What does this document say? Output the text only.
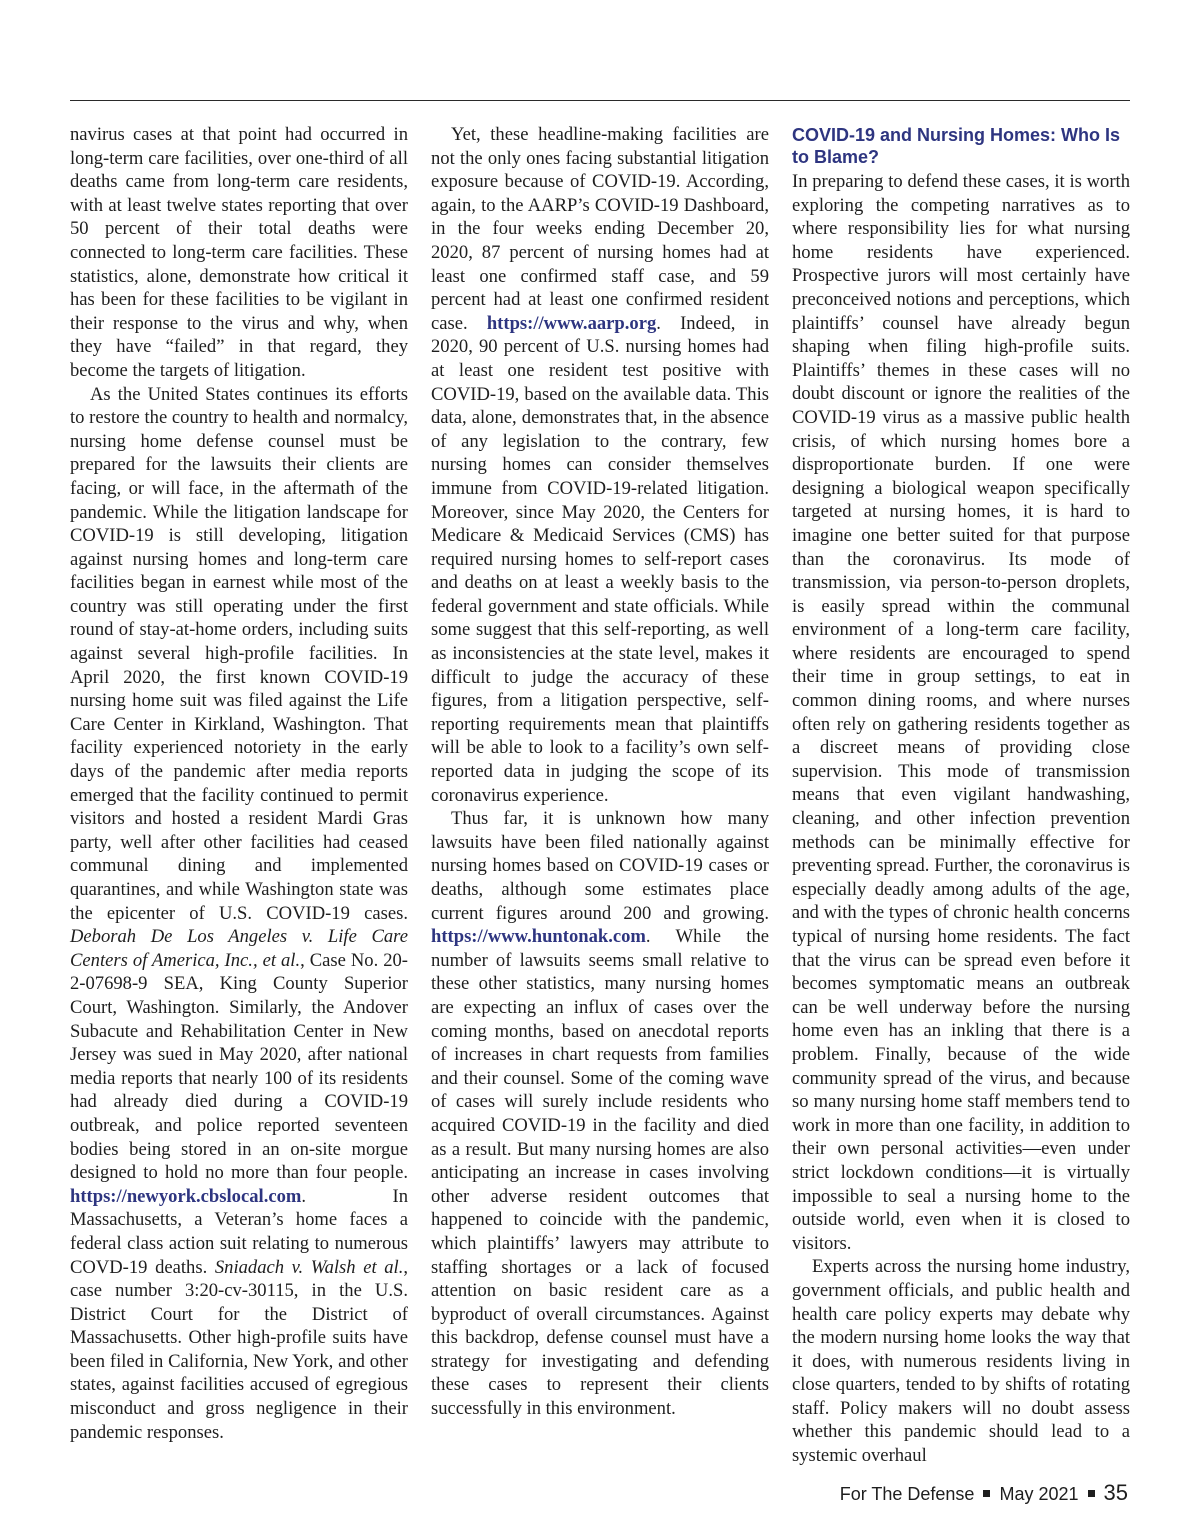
navirus cases at that point had occurred in long-term care facilities, over one-third of all deaths came from long-term care residents, with at least twelve states reporting that over 50 percent of their total deaths were connected to long-term care facilities. These statistics, alone, demonstrate how critical it has been for these facilities to be vigilant in their response to the virus and why, when they have “failed” in that regard, they become the targets of litigation.

As the United States continues its efforts to restore the country to health and normalcy, nursing home defense counsel must be prepared for the lawsuits their clients are facing, or will face, in the aftermath of the pandemic. While the litigation landscape for COVID-19 is still developing, litigation against nursing homes and long-term care facilities began in earnest while most of the country was still operating under the first round of stay-at-home orders, including suits against several high-profile facilities. In April 2020, the first known COVID-19 nursing home suit was filed against the Life Care Center in Kirkland, Washington. That facility experienced notoriety in the early days of the pandemic after media reports emerged that the facility continued to permit visitors and hosted a resident Mardi Gras party, well after other facilities had ceased communal dining and implemented quarantines, and while Washington state was the epicenter of U.S. COVID-19 cases. Deborah De Los Angeles v. Life Care Centers of America, Inc., et al., Case No. 20-2-07698-9 SEA, King County Superior Court, Washington. Similarly, the Andover Subacute and Rehabilitation Center in New Jersey was sued in May 2020, after national media reports that nearly 100 of its residents had already died during a COVID-19 outbreak, and police reported seventeen bodies being stored in an on-site morgue designed to hold no more than four people. https://newyork.cbslocal.com. In Massachusetts, a Veteran’s home faces a federal class action suit relating to numerous COVD-19 deaths. Sniadach v. Walsh et al., case number 3:20-cv-30115, in the U.S. District Court for the District of Massachusetts. Other high-profile suits have been filed in California, New York, and other states, against facilities accused of egregious misconduct and gross negligence in their pandemic responses.

Yet, these headline-making facilities are not the only ones facing substantial litigation exposure because of COVID-19. According, again, to the AARP’s COVID-19 Dashboard, in the four weeks ending December 20, 2020, 87 percent of nursing homes had at least one confirmed staff case, and 59 percent had at least one confirmed resident case. https://www.aarp.org. Indeed, in 2020, 90 percent of U.S. nursing homes had at least one resident test positive with COVID-19, based on the available data. This data, alone, demonstrates that, in the absence of any legislation to the contrary, few nursing homes can consider themselves immune from COVID-19-related litigation. Moreover, since May 2020, the Centers for Medicare & Medicaid Services (CMS) has required nursing homes to self-report cases and deaths on at least a weekly basis to the federal government and state officials. While some suggest that this self-reporting, as well as inconsistencies at the state level, makes it difficult to judge the accuracy of these figures, from a litigation perspective, self-reporting requirements mean that plaintiffs will be able to look to a facility’s own self-reported data in judging the scope of its coronavirus experience.

Thus far, it is unknown how many lawsuits have been filed nationally against nursing homes based on COVID-19 cases or deaths, although some estimates place current figures around 200 and growing. https://www.huntonak.com. While the number of lawsuits seems small relative to these other statistics, many nursing homes are expecting an influx of cases over the coming months, based on anecdotal reports of increases in chart requests from families and their counsel. Some of the coming wave of cases will surely include residents who acquired COVID-19 in the facility and died as a result. But many nursing homes are also anticipating an increase in cases involving other adverse resident outcomes that happened to coincide with the pandemic, which plaintiffs’ lawyers may attribute to staffing shortages or a lack of focused attention on basic resident care as a byproduct of overall circumstances. Against this backdrop, defense counsel must have a strategy for investigating and defending these cases to represent their clients successfully in this environment.

COVID-19 and Nursing Homes: Who Is to Blame?

In preparing to defend these cases, it is worth exploring the competing narratives as to where responsibility lies for what nursing home residents have experienced. Prospective jurors will most certainly have preconceived notions and perceptions, which plaintiffs’ counsel have already begun shaping when filing high-profile suits. Plaintiffs’ themes in these cases will no doubt discount or ignore the realities of the COVID-19 virus as a massive public health crisis, of which nursing homes bore a disproportionate burden. If one were designing a biological weapon specifically targeted at nursing homes, it is hard to imagine one better suited for that purpose than the coronavirus. Its mode of transmission, via person-to-person droplets, is easily spread within the communal environment of a long-term care facility, where residents are encouraged to spend their time in group settings, to eat in common dining rooms, and where nurses often rely on gathering residents together as a discreet means of providing close supervision. This mode of transmission means that even vigilant handwashing, cleaning, and other infection prevention methods can be minimally effective for preventing spread. Further, the coronavirus is especially deadly among adults of the age, and with the types of chronic health concerns typical of nursing home residents. The fact that the virus can be spread even before it becomes symptomatic means an outbreak can be well underway before the nursing home even has an inkling that there is a problem. Finally, because of the wide community spread of the virus, and because so many nursing home staff members tend to work in more than one facility, in addition to their own personal activities—even under strict lockdown conditions—it is virtually impossible to seal a nursing home to the outside world, even when it is closed to visitors.

Experts across the nursing home industry, government officials, and public health and health care policy experts may debate why the modern nursing home looks the way that it does, with numerous residents living in close quarters, tended to by shifts of rotating staff. Policy makers will no doubt assess whether this pandemic should lead to a systemic overhaul

For The Defense May 2021 35
